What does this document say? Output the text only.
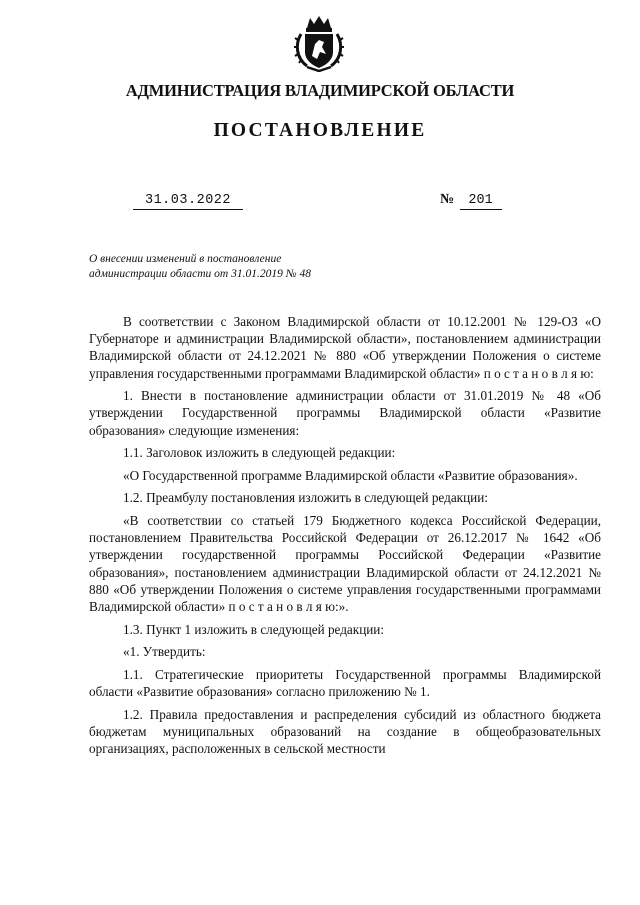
АДМИНИСТРАЦИЯ ВЛАДИМИРСКОЙ ОБЛАСТИ
ПОСТАНОВЛЕНИЕ
31.03.2022	№ 201
О внесении изменений в постановление администрации области от 31.01.2019 № 48

В соответствии с Законом Владимирской области от 10.12.2001 № 129-ОЗ «О Губернаторе и администрации Владимирской области», постановлением администрации Владимирской области от 24.12.2021 № 880 «Об утверждении Положения о системе управления государственными программами Владимирской области» п о с т а н о в л я ю:

1. Внести в постановление администрации области от 31.01.2019 № 48 «Об утверждении Государственной программы Владимирской области «Развитие образования» следующие изменения:

1.1. Заголовок изложить в следующей редакции:

«О Государственной программе Владимирской области «Развитие образования».

1.2. Преамбулу постановления изложить в следующей редакции:

«В соответствии со статьей 179 Бюджетного кодекса Российской Федерации, постановлением Правительства Российской Федерации от 26.12.2017 № 1642 «Об утверждении государственной программы Российской Федерации «Развитие образования», постановлением администрации Владимирской области от 24.12.2021 № 880 «Об утверждении Положения о системе управления государственными программами Владимирской области» п о с т а н о в л я ю:».

1.3. Пункт 1 изложить в следующей редакции:

«1. Утвердить:

1.1. Стратегические приоритеты Государственной программы Владимирской области «Развитие образования» согласно приложению № 1.

1.2. Правила предоставления и распределения субсидий из областного бюджета бюджетам муниципальных образований на создание в общеобразовательных организациях, расположенных в сельской местности
